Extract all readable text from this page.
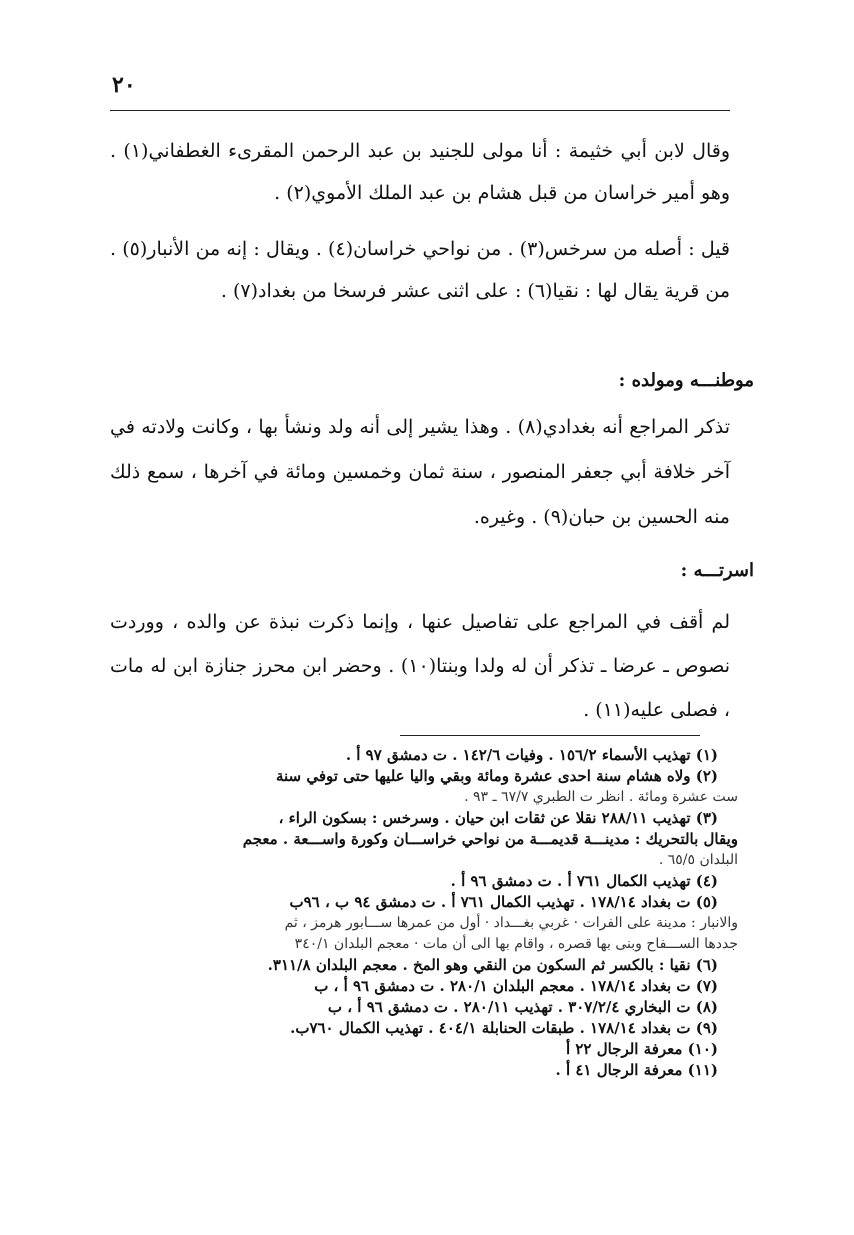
٢٠

وقال لابن أبي خثيمة : أنا مولى للجنيد بن عبد الرحمن المقرىء الغطفاني(١) . وهو أمير خراسان من قبل هشام بن عبد الملك الأموي(٢) .

قيل : أصله من سرخس(٣) . من نواحي خراسان(٤) . ويقال : إنه من الأنبار(٥) . من قرية يقال لها : نقيا(٦) : على اثنى عشر فرسخا من بغداد(٧) .

موطنـــه ومولده :

تذكر المراجع أنه بغدادي(٨) . وهذا يشير إلى أنه ولد ونشأ بها ، وكانت ولادته في آخر خلافة أبي جعفر المنصور ، سنة ثمان وخمسين ومائة في آخرها ، سمع ذلك منه الحسين بن حبان(٩) . وغيره.

اسرتـــه :

لم أقف في المراجع على تفاصيل عنها ، وإنما ذكرت نبذة عن والده ، ووردت نصوص ـ عرضا ـ تذكر أن له ولدا وبنتا(١٠) . وحضر ابن محرز جنازة ابن له مات ، فصلى عليه(١١) .

(١) تهذيب الأسماء ١٥٦/٢ . وفيات ١٤٢/٦ . ت دمشق ٩٧ أ .

(٢) ولاه هشام سنة احدى عشرة ومائة وبقي واليا عليها حتى توفي سنة

ست عشرة ومائة . انظر ت الطبري ٦٧/٧ ـ ٩٣ .

(٣) تهذيب ٢٨٨/١١ نقلا عن ثقات ابن حيان . وسرخس : بسكون الراء ،

ويقال بالتحريك : مدينـــة قديمـــة من نواحي خراســـان وكورة واســـعة . معجم

البلدان ٦٥/٥ .

(٤) تهذيب الكمال ٧٦١ أ . ت دمشق ٩٦ أ .

(٥) ت بغداد ١٧٨/١٤ . تهذيب الكمال ٧٦١ أ . ت دمشق ٩٤ ب ، ٩٦ب

والانبار : مدينة على الفرات · غربي بغـــداد · أول من عمرها ســـابور هرمز ، ثم

جددها الســـفاح وبنى بها قصره ، واقام بها الى أن مات · معجم البلدان ٣٤٠/١

(٦) نقيا : بالكسر ثم السكون من النقي وهو المخ . معجم البلدان ٣١١/٨.

(٧) ت بغداد ١٧٨/١٤ . معجم البلدان ٢٨٠/١ . ت دمشق ٩٦ أ ، ب

(٨) ت البخاري ٣٠٧/٢/٤ . تهذيب ٢٨٠/١١ . ت دمشق ٩٦ أ ، ب

(٩) ت بغداد ١٧٨/١٤ . طبقات الحنابلة ٤٠٤/١ . تهذيب الكمال ٧٦٠ب.

(١٠) معرفة الرجال ٢٢ أ

(١١) معرفة الرجال ٤١ أ .
